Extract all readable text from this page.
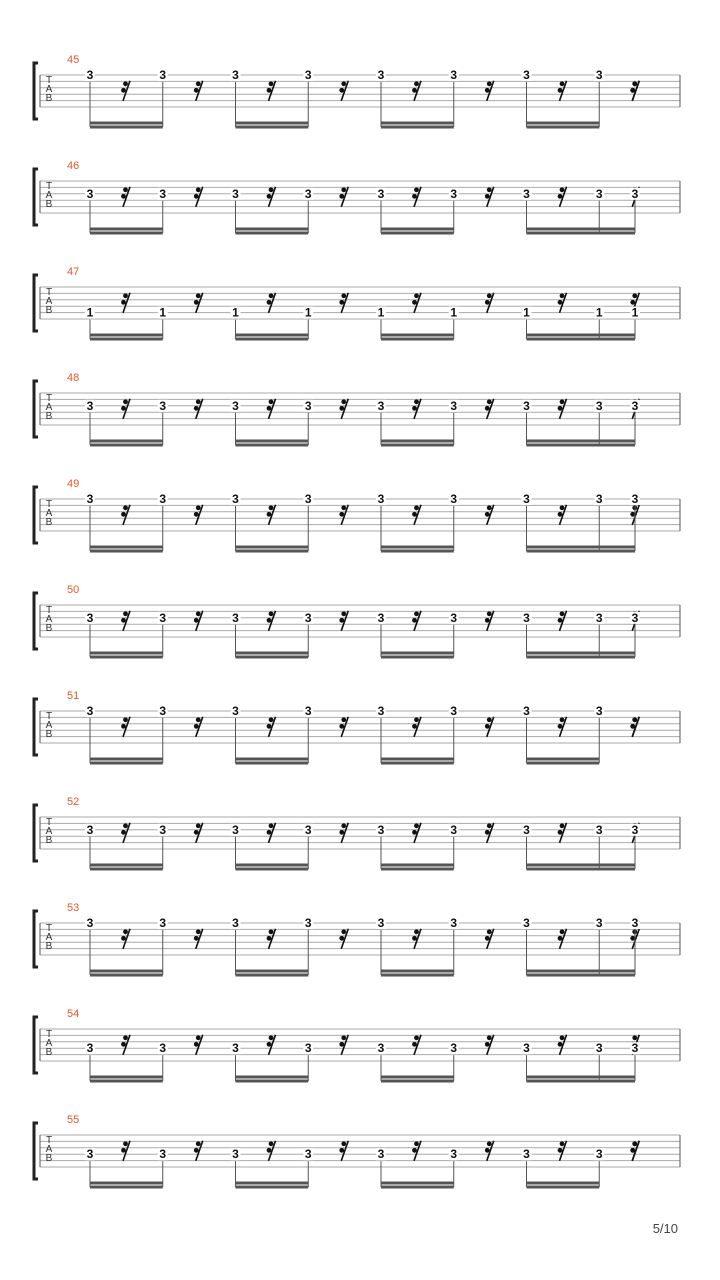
T
A
B
45
3	3	3	3	3	3	3	3
T
A
B
46
3	3	3	3	3	3	3	3 3
T
A
B
47
1	1	1	1	1	1	1	1 1
T
A
B
48
3	3	3	3	3	3	3	3 3
T
A
B
49
3	3	3	3	3	3	3	3 3
T
A
B
50
3	3	3	3	3	3	3	3 3
T
A
B
51
3	3	3	3	3	3	3	3
T
A
B
52
3	3	3	3	3	3	3	3 3
T
A
B
53
3	3	3	3	3	3	3	3 3
T
A
B
54
3	3	3	3	3	3	3	3 3
T
A
B
55
3	3	3	3	3	3	3	3
5/10
